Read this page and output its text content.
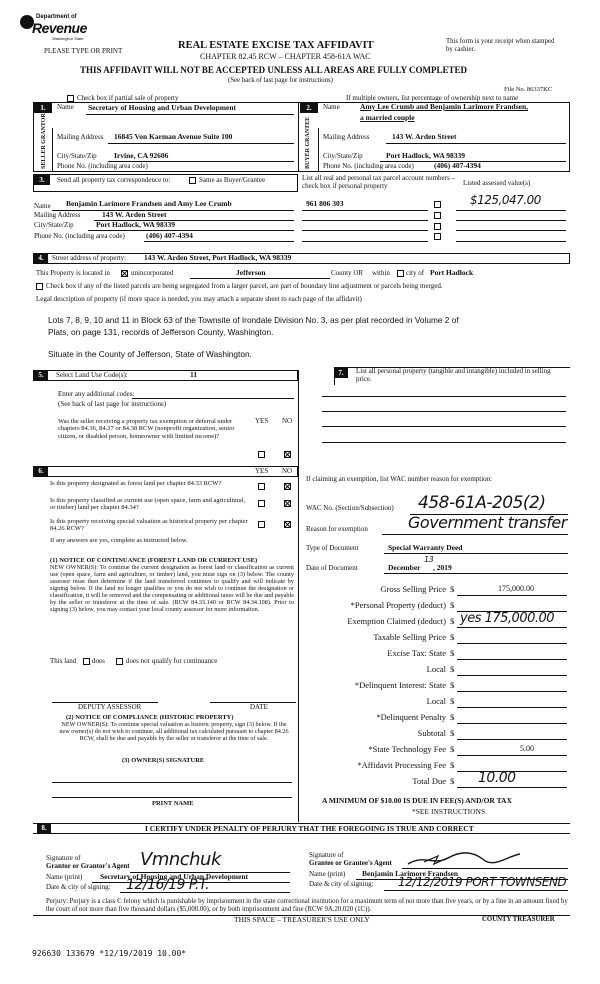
Department of
Revenue
Washington State
PLEASE TYPE OR PRINT	REAL ESTATE EXCISE TAX AFFIDAVIT
CHAPTER 82.45 RCW – CHAPTER 458-61A WAC
This form is your receipt when stamped by cashier.
THIS AFFIDAVIT WILL NOT BE ACCEPTED UNLESS ALL AREAS ARE FULLY COMPLETED
(See back of last page for instructions)
File No. 86337KC
Check box if partial sale of property	If multiple owners, list percentage of ownership next to name
SELLER GRANTOR
1.	Name Secretary of Housing and Urban Development
Mailing Address 16845 Von Karman Avenue Suite 100
City/State/Zip Irvine, CA 92606
Phone No. (including area code)	BUYER GRANTEE
2.	Name	Amy Lee Crumb and Benjamin Larimore Frandsen,
a married couple
Mailing Address	143 W. Arden Street
City/State/Zip	Port Hadlock, WA 98339
Phone No. (including area code)	(406) 407-4394
3.	Send all property tax correspondence to:	Same as Buyer/Grantee	List all real and personal tax parcel account numbers – check box if personal property	Listed assessed value(s)
Name Benjamin Larimore Frandsen and Amy Lee Crumb
Mailing Address	143 W. Arden Street
City/State/Zip	Port Hadlock, WA 98339
Phone No. (including area code)	(406) 407-4394
961 806 303	$125,047.00
4.	Street address of property: 143 W. Arden Street, Port Hadlock, WA 98339
This Property is located in	unincorporated	Jefferson	County OR within city of Port Hadlock
Check box if any of the listed parcels are being segregated from a larger parcel, are part of boundary line adjustment or parcels being merged.
Legal description of property (if more space is needed, you may attach a separate sheet to each page of the affidavit)
Lots 7, 8, 9, 10 and 11 in Block 63 of the Townsite of Irondale Division No. 3, as per plat recorded in Volume 2 of
Plats, on page 131, records of Jefferson County, Washington.
Situate in the County of Jefferson, State of Washington.
5.	Select Land Use Code(s):	11
Enter any additional codes:
(See back of last page for instructions)
YES NO
Was the seller receiving a property tax exemption or deferral under chapters 84.36, 84.37 or 84.38 RCW (nonprofit organization, senior citizen, or disabled person, homeowner with limited income)?
7.	List all personal property (tangible and intangible) included in selling price.
6.	YES NO
Is this property designated as forest land per chapter 84.33 RCW?
Is this property classified as current use (open space, farm and agricultural, or timber) land per chapter 84.34?
Is this property receiving special valuation as historical property per chapter 84.26 RCW?
If any answers are yes, complete as instructed below.
(1) NOTICE OF CONTINUANCE (FOREST LAND OR CURRENT USE)
NEW OWNER(S): To continue the current designation as forest land or classification as current use (open space, farm and agriculture, or timber) land, you must sign on (3) below. The county assessor must then determine if the land transferred continues to qualify and will indicate by signing below. If the land no longer qualifies or you do not wish to continue the designation or classification, it will be removed and the compensating or additional taxes will be due and payable by the seller or transferor at the time of sale. (RCW 84.33.140 or RCW 84.34.108). Prior to signing (3) below, you may contact your local county assessor for more information.
This land does	does not qualify for continuance
DEPUTY ASSESSOR	DATE
(2) NOTICE OF COMPLIANCE (HISTORIC PROPERTY)
NEW OWNER(S): To continue special valuation as historic property, sign (3) below. If the new owner(s) do not wish to continue, all additional tax calculated pursuant to chapter 84.26 RCW, shall be due and payable by the seller or transferor at the time of sale.
(3) OWNER(S) SIGNATURE
PRINT NAME
If claiming an exemption, list WAC number reason for exemption:
WAC No. (Section/Subsection) 458-61A-205(2)
Reason for exemption	Government transfer
Type of Document	Special Warranty Deed
Date of Document	December
13
, 2019
Gross Selling Price $	175,000.00
*Personal Property (deduct) $
Exemption Claimed (deduct) $ yes 175,000.00
Taxable Selling Price $
Excise Tax: State $
Local $
*Delinquent Interest: State $
Local $
*Delinquent Penalty $
Subtotal $
*State Technology Fee $	5.00
*Affidavit Processing Fee $
Total Due $ 10.00
A MINIMUM OF $10.00 IS DUE IN FEE(S) AND/OR TAX
*SEE INSTRUCTIONS
8.	I CERTIFY UNDER PENALTY OF PERJURY THAT THE FOREGOING IS TRUE AND CORRECT
Signature of
Grantor or Grantor's Agent Vmnchuk
Name (print) Secretary of Housing and Urban Development
Date & city of signing: 12/16/19 P.T.
Signature of
Grantee or Grantee's Agent
Name (print) Benjamin Larimore Frandsen
Date & city of signing: 12/12/2019 PORT TOWNSEND
Perjury: Perjury is a class C felony which is punishable by imprisonment in the state correctional institution for a maximum term of not more than five years, or by a fine in an amount fixed by the court of not more than five thousand dollars ($5,000.00), or by both imprisonment and fine (RCW 9A.20.020 (1C)).
THIS SPACE – TREASURER'S USE ONLY	COUNTY TREASURER
926630 133679 *12/19/2019 10.00*
